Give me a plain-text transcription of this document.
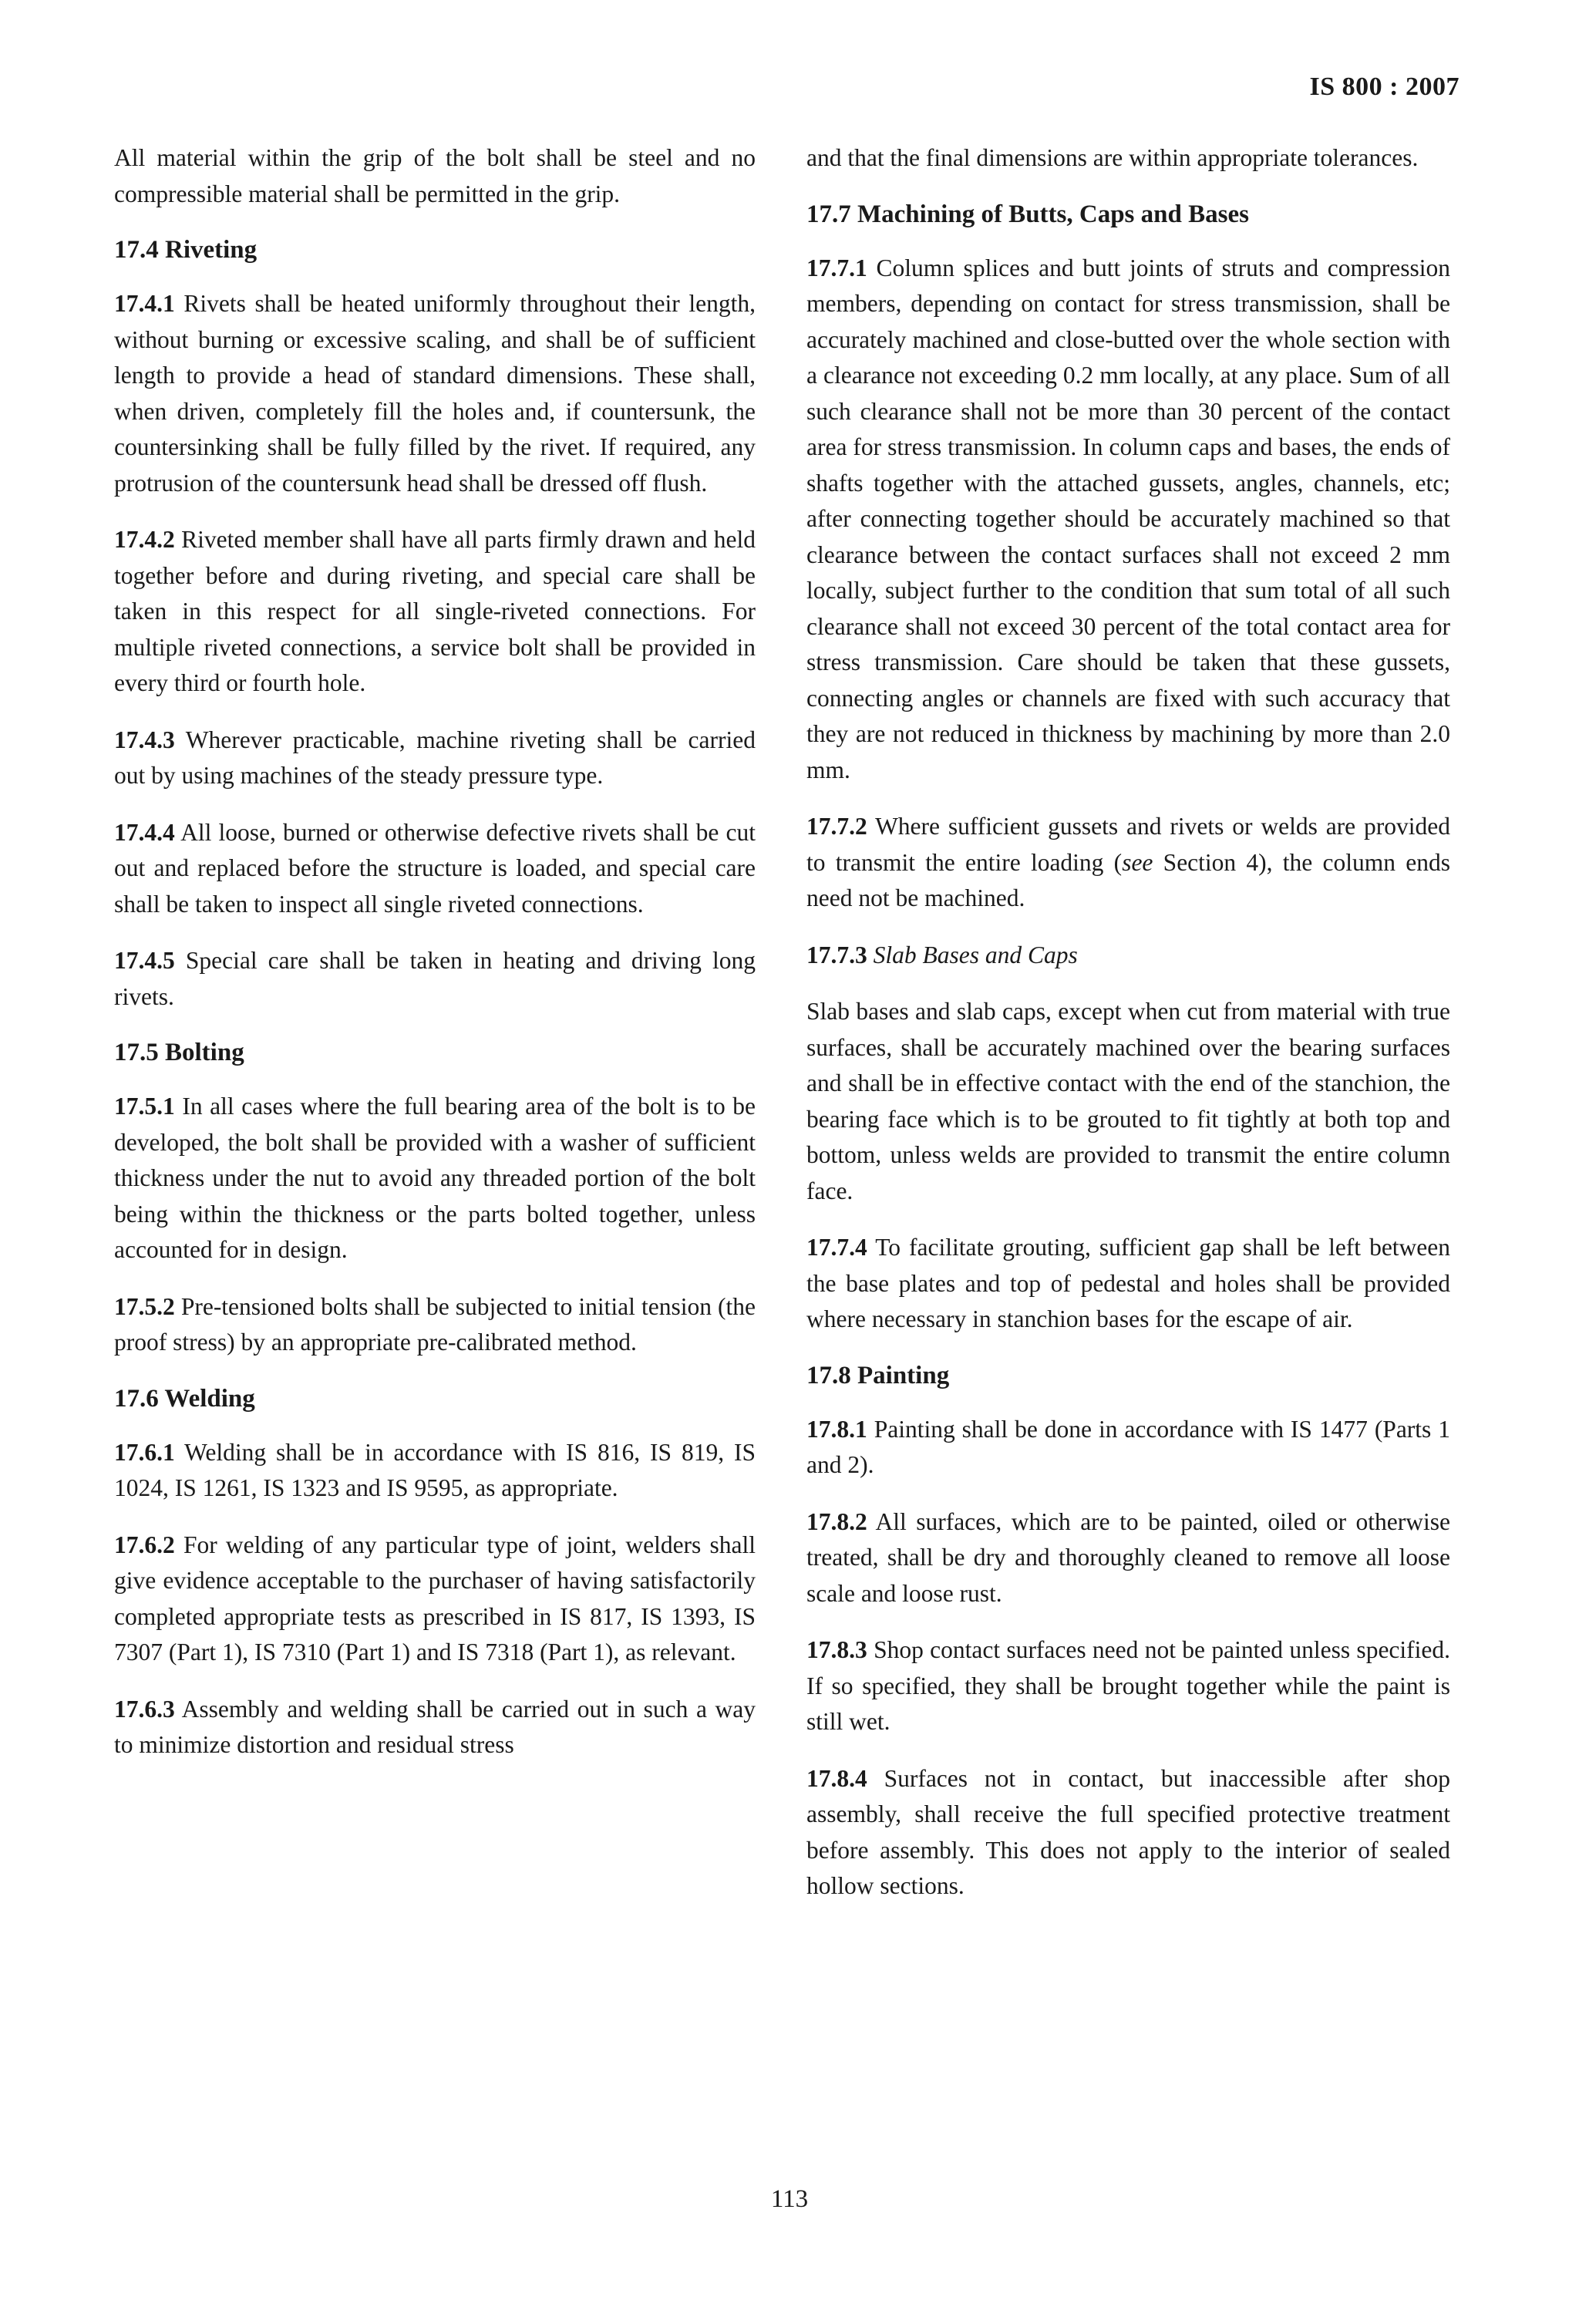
IS 800 : 2007

All material within the grip of the bolt shall be steel and no compressible material shall be permitted in the grip.

17.4 Riveting

17.4.1 Rivets shall be heated uniformly throughout their length, without burning or excessive scaling, and shall be of sufficient length to provide a head of standard dimensions. These shall, when driven, completely fill the holes and, if countersunk, the countersinking shall be fully filled by the rivet. If required, any protrusion of the countersunk head shall be dressed off flush.

17.4.2 Riveted member shall have all parts firmly drawn and held together before and during riveting, and special care shall be taken in this respect for all single-riveted connections. For multiple riveted connections, a service bolt shall be provided in every third or fourth hole.

17.4.3 Wherever practicable, machine riveting shall be carried out by using machines of the steady pressure type.

17.4.4 All loose, burned or otherwise defective rivets shall be cut out and replaced before the structure is loaded, and special care shall be taken to inspect all single riveted connections.

17.4.5 Special care shall be taken in heating and driving long rivets.

17.5 Bolting

17.5.1 In all cases where the full bearing area of the bolt is to be developed, the bolt shall be provided with a washer of sufficient thickness under the nut to avoid any threaded portion of the bolt being within the thickness or the parts bolted together, unless accounted for in design.

17.5.2 Pre-tensioned bolts shall be subjected to initial tension (the proof stress) by an appropriate pre-calibrated method.

17.6 Welding

17.6.1 Welding shall be in accordance with IS 816, IS 819, IS 1024, IS 1261, IS 1323 and IS 9595, as appropriate.

17.6.2 For welding of any particular type of joint, welders shall give evidence acceptable to the purchaser of having satisfactorily completed appropriate tests as prescribed in IS 817, IS 1393, IS 7307 (Part 1), IS 7310 (Part 1) and IS 7318 (Part 1), as relevant.

17.6.3 Assembly and welding shall be carried out in such a way to minimize distortion and residual stress

and that the final dimensions are within appropriate tolerances.

17.7 Machining of Butts, Caps and Bases

17.7.1 Column splices and butt joints of struts and compression members, depending on contact for stress transmission, shall be accurately machined and close-butted over the whole section with a clearance not exceeding 0.2 mm locally, at any place. Sum of all such clearance shall not be more than 30 percent of the contact area for stress transmission. In column caps and bases, the ends of shafts together with the attached gussets, angles, channels, etc; after connecting together should be accurately machined so that clearance between the contact surfaces shall not exceed 2 mm locally, subject further to the condition that sum total of all such clearance shall not exceed 30 percent of the total contact area for stress transmission. Care should be taken that these gussets, connecting angles or channels are fixed with such accuracy that they are not reduced in thickness by machining by more than 2.0 mm.

17.7.2 Where sufficient gussets and rivets or welds are provided to transmit the entire loading (see Section 4), the column ends need not be machined.

17.7.3 Slab Bases and Caps

Slab bases and slab caps, except when cut from material with true surfaces, shall be accurately machined over the bearing surfaces and shall be in effective contact with the end of the stanchion, the bearing face which is to be grouted to fit tightly at both top and bottom, unless welds are provided to transmit the entire column face.

17.7.4 To facilitate grouting, sufficient gap shall be left between the base plates and top of pedestal and holes shall be provided where necessary in stanchion bases for the escape of air.

17.8 Painting

17.8.1 Painting shall be done in accordance with IS 1477 (Parts 1 and 2).

17.8.2 All surfaces, which are to be painted, oiled or otherwise treated, shall be dry and thoroughly cleaned to remove all loose scale and loose rust.

17.8.3 Shop contact surfaces need not be painted unless specified. If so specified, they shall be brought together while the paint is still wet.

17.8.4 Surfaces not in contact, but inaccessible after shop assembly, shall receive the full specified protective treatment before assembly. This does not apply to the interior of sealed hollow sections.

113
